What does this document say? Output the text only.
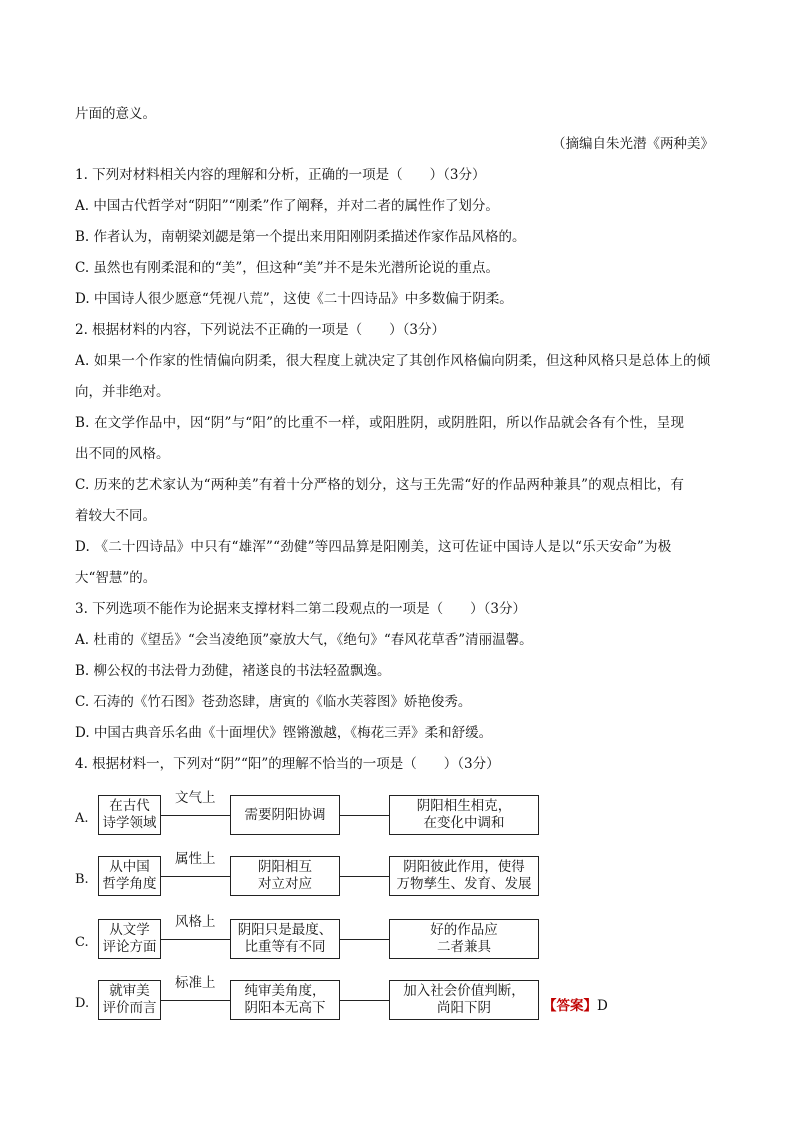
片面的意义。
（摘编自朱光潜《两种美》
1. 下列对材料相关内容的理解和分析，正确的一项是（　　）（3分）
A. 中国古代哲学对“阴阳”“刚柔”作了阐释，并对二者的属性作了划分。
B. 作者认为，南朝梁刘勰是第一个提出来用阳刚阴柔描述作家作品风格的。
C. 虽然也有刚柔混和的“美”，但这种“美”并不是朱光潜所论说的重点。
D. 中国诗人很少愿意“凭视八荒”，这使《二十四诗品》中多数偏于阴柔。
2. 根据材料的内容，下列说法不正确的一项是（　　）（3分）
A. 如果一个作家的性情偏向阴柔，很大程度上就决定了其创作风格偏向阴柔，但这种风格只是总体上的倾
向，并非绝对。
B. 在文学作品中，因“阴”与“阳”的比重不一样，或阳胜阴，或阴胜阳，所以作品就会各有个性，呈现
出不同的风格。
C. 历来的艺术家认为“两种美”有着十分严格的划分，这与王先需“好的作品两种兼具”的观点相比，有
着较大不同。
D. 《二十四诗品》中只有“雄浑”“劲健”等四品算是阳刚美，这可佐证中国诗人是以“乐天安命”为极
大“智慧”的。
3. 下列选项不能作为论据来支撑材料二第二段观点的一项是（　　）（3分）
A. 杜甫的《望岳》“会当凌绝顶”豪放大气，《绝句》“春风花草香”清丽温馨。
B. 柳公权的书法骨力劲健，褚遂良的书法轻盈飘逸。
C. 石涛的《竹石图》苍劲恣肆，唐寅的《临水芙蓉图》娇艳俊秀。
D. 中国古典音乐名曲《十面埋伏》铿锵激越，《梅花三弄》柔和舒缓。
4. 根据材料一，下列对“阴”“阳”的理解不恰当的一项是（　　）（3分）
A.
在古代
诗学领域
文气上
需要阴阳协调
阴阳相生相克，
在变化中调和
B.
从中国
哲学角度
属性上	阴阳相互
对立对应
阴阳彼此作用，使得
万物孳生、发育、发展
C.
从文学
评论方面
风格上	阴阳只是最度、
比重等有不同
好的作品应
二者兼具
D.
就审美
评价而言
标准上	纯审美角度，
阴阳本无高下
加入社会价值判断，
尚阳下阴	【答案】D
